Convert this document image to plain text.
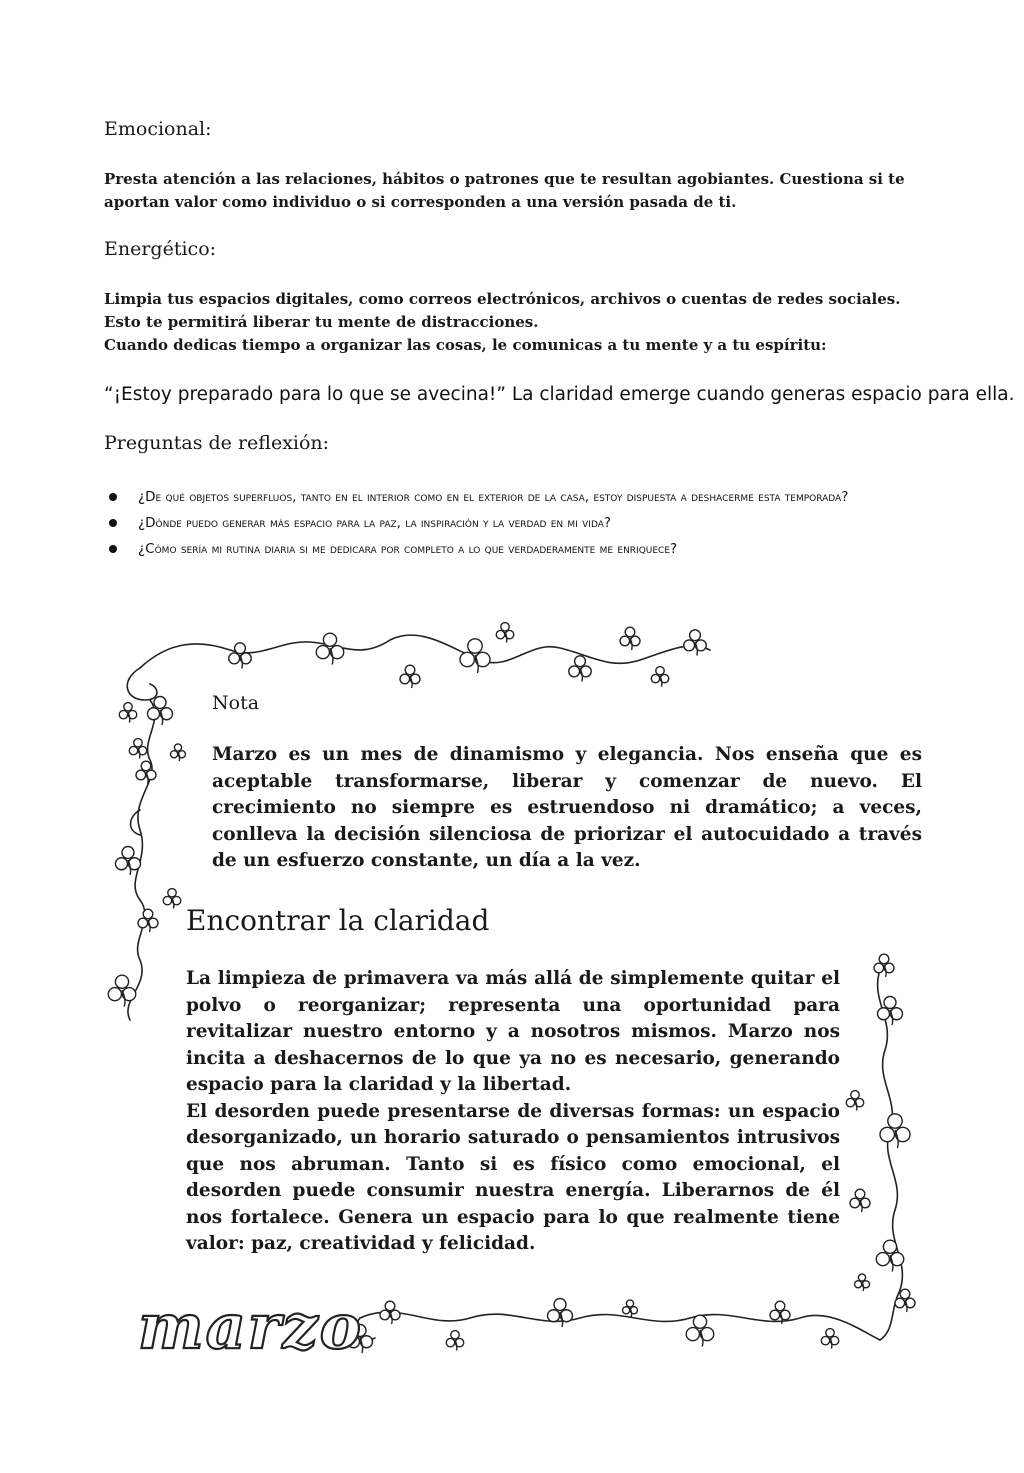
marzo
Emocional:
Presta atención a las relaciones, hábitos o patrones que te resultan agobiantes. Cuestiona si te aportan valor como individuo o si corresponden a una versión pasada de ti.
Energético:

Limpia tus espacios digitales, como correos electrónicos, archivos o cuentas de redes sociales.

Esto te permitirá liberar tu mente de distracciones.

Cuando dedicas tiempo a organizar las cosas, le comunicas a tu mente y a tu espíritu:

“¡Estoy preparado para lo que se avecina!” La claridad emerge cuando generas espacio para ella.
Preguntas de reflexión:
¿De qué objetos superfluos, tanto en el interior como en el exterior de la casa, estoy dispuesta a deshacerme esta temporada?
¿Dónde puedo generar más espacio para la paz, la inspiración y la verdad en mi vida?
¿Cómo sería mi rutina diaria si me dedicara por completo a lo que verdaderamente me enriquece?
Nota
Marzo es un mes de dinamismo y elegancia. Nos enseña que es aceptable transformarse, liberar y comenzar de nuevo. El crecimiento no siempre es estruendoso ni dramático; a veces, conlleva la decisión silenciosa de priorizar el autocuidado a través de un esfuerzo constante, un día a la vez.
Encontrar la claridad

La limpieza de primavera va más allá de simplemente quitar el polvo o reorganizar; representa una oportunidad para revitalizar nuestro entorno y a nosotros mismos. Marzo nos incita a deshacernos de lo que ya no es necesario, generando espacio para la claridad y la libertad.

El desorden puede presentarse de diversas formas: un espacio desorganizado, un horario saturado o pensamientos intrusivos que nos abruman. Tanto si es físico como emocional, el desorden puede consumir nuestra energía. Liberarnos de él nos fortalece. Genera un espacio para lo que realmente tiene valor: paz, creatividad y felicidad.
